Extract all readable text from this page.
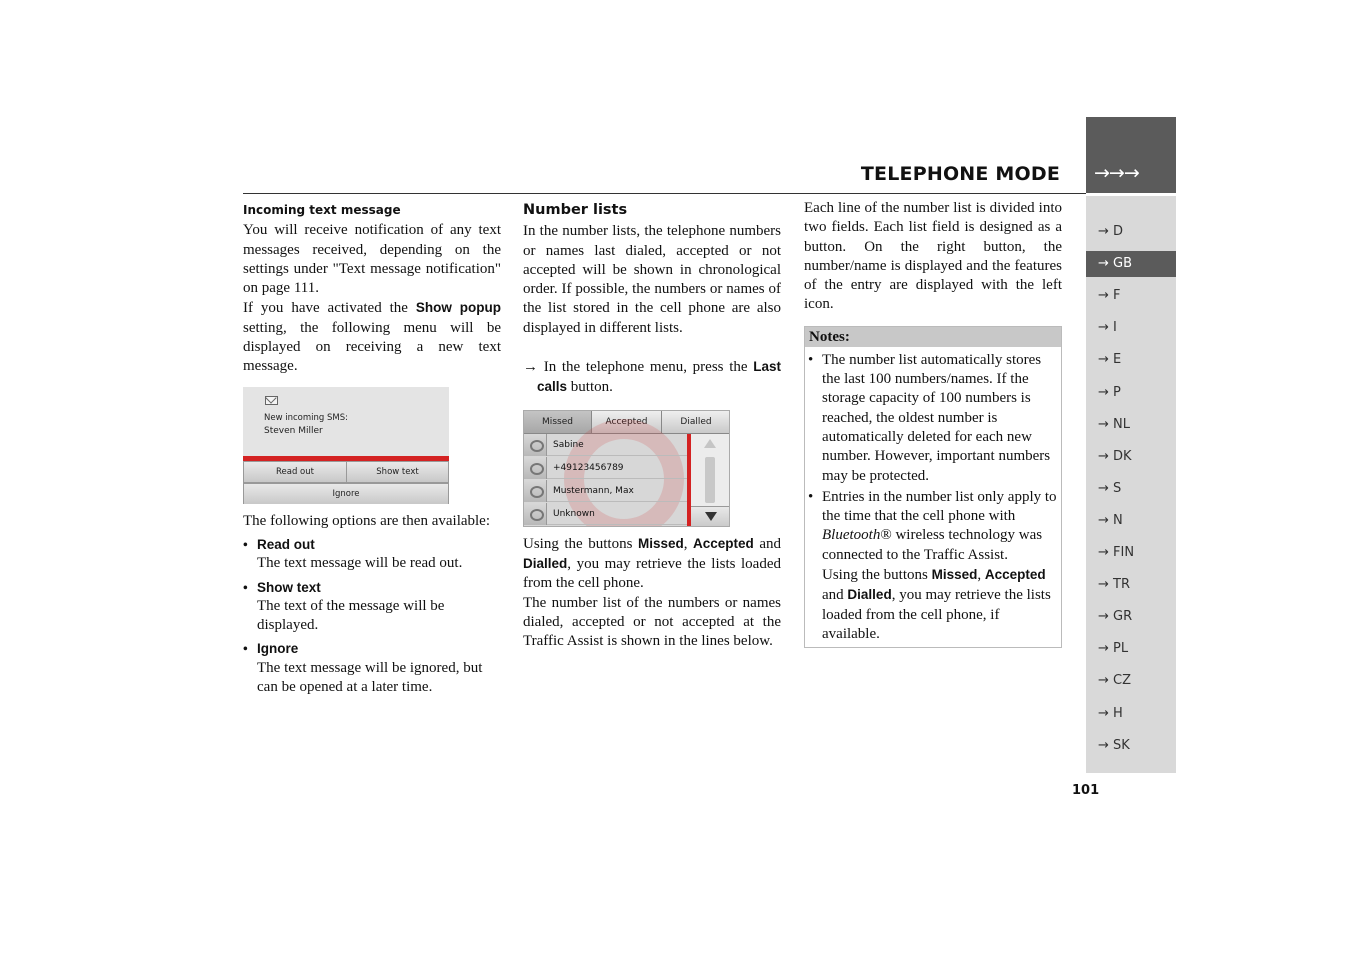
TELEPHONE MODE →→→
→ D
→ GB
→ F
→ I
→ E
→ P
→ NL
→ DK
→ S
→ N
→ FIN
→ TR
→ GR
→ PL
→ CZ
→ H
→ SK
101
Incoming text message

You will receive notification of any text messages received, depending on the settings under "Text message notification" on page 111.

If you have activated the Show popup setting, the following menu will be displayed on receiving a new text message.

New incoming SMS:
Steven Miller
Read out	Show text
Ignore

The following options are then available:

• Read out
The text message will be read out.
• Show text
The text of the message will be displayed.
• Ignore
The text message will be ignored, but can be opened at a later time.
Number lists

In the number lists, the telephone numbers or names last dialed, accepted or not accepted will be shown in chronological order. If possible, the numbers or names of the list stored in the cell phone are also displayed in different lists.

→ In the telephone menu, press the Last calls button.

Missed	Accepted	Dialled
Sabine
+49123456789
Mustermann, Max
Unknown

Using the buttons Missed, Accepted and Dialled, you may retrieve the lists loaded from the cell phone.

The number list of the numbers or names dialed, accepted or not accepted at the Traffic Assist is shown in the lines below.

Each line of the number list is divided into two fields. Each list field is designed as a button. On the right button, the number/name is displayed and the features of the entry are displayed with the left icon.

Notes:
• The number list automatically stores the last 100 numbers/names. If the storage capacity of 100 numbers is reached, the oldest number is automatically deleted for each new number. However, important numbers may be protected.
• Entries in the number list only apply to the time that the cell phone with Bluetooth® wireless technology was connected to the Traffic Assist.
Using the buttons Missed, Accepted and Dialled, you may retrieve the lists loaded from the cell phone, if available.
